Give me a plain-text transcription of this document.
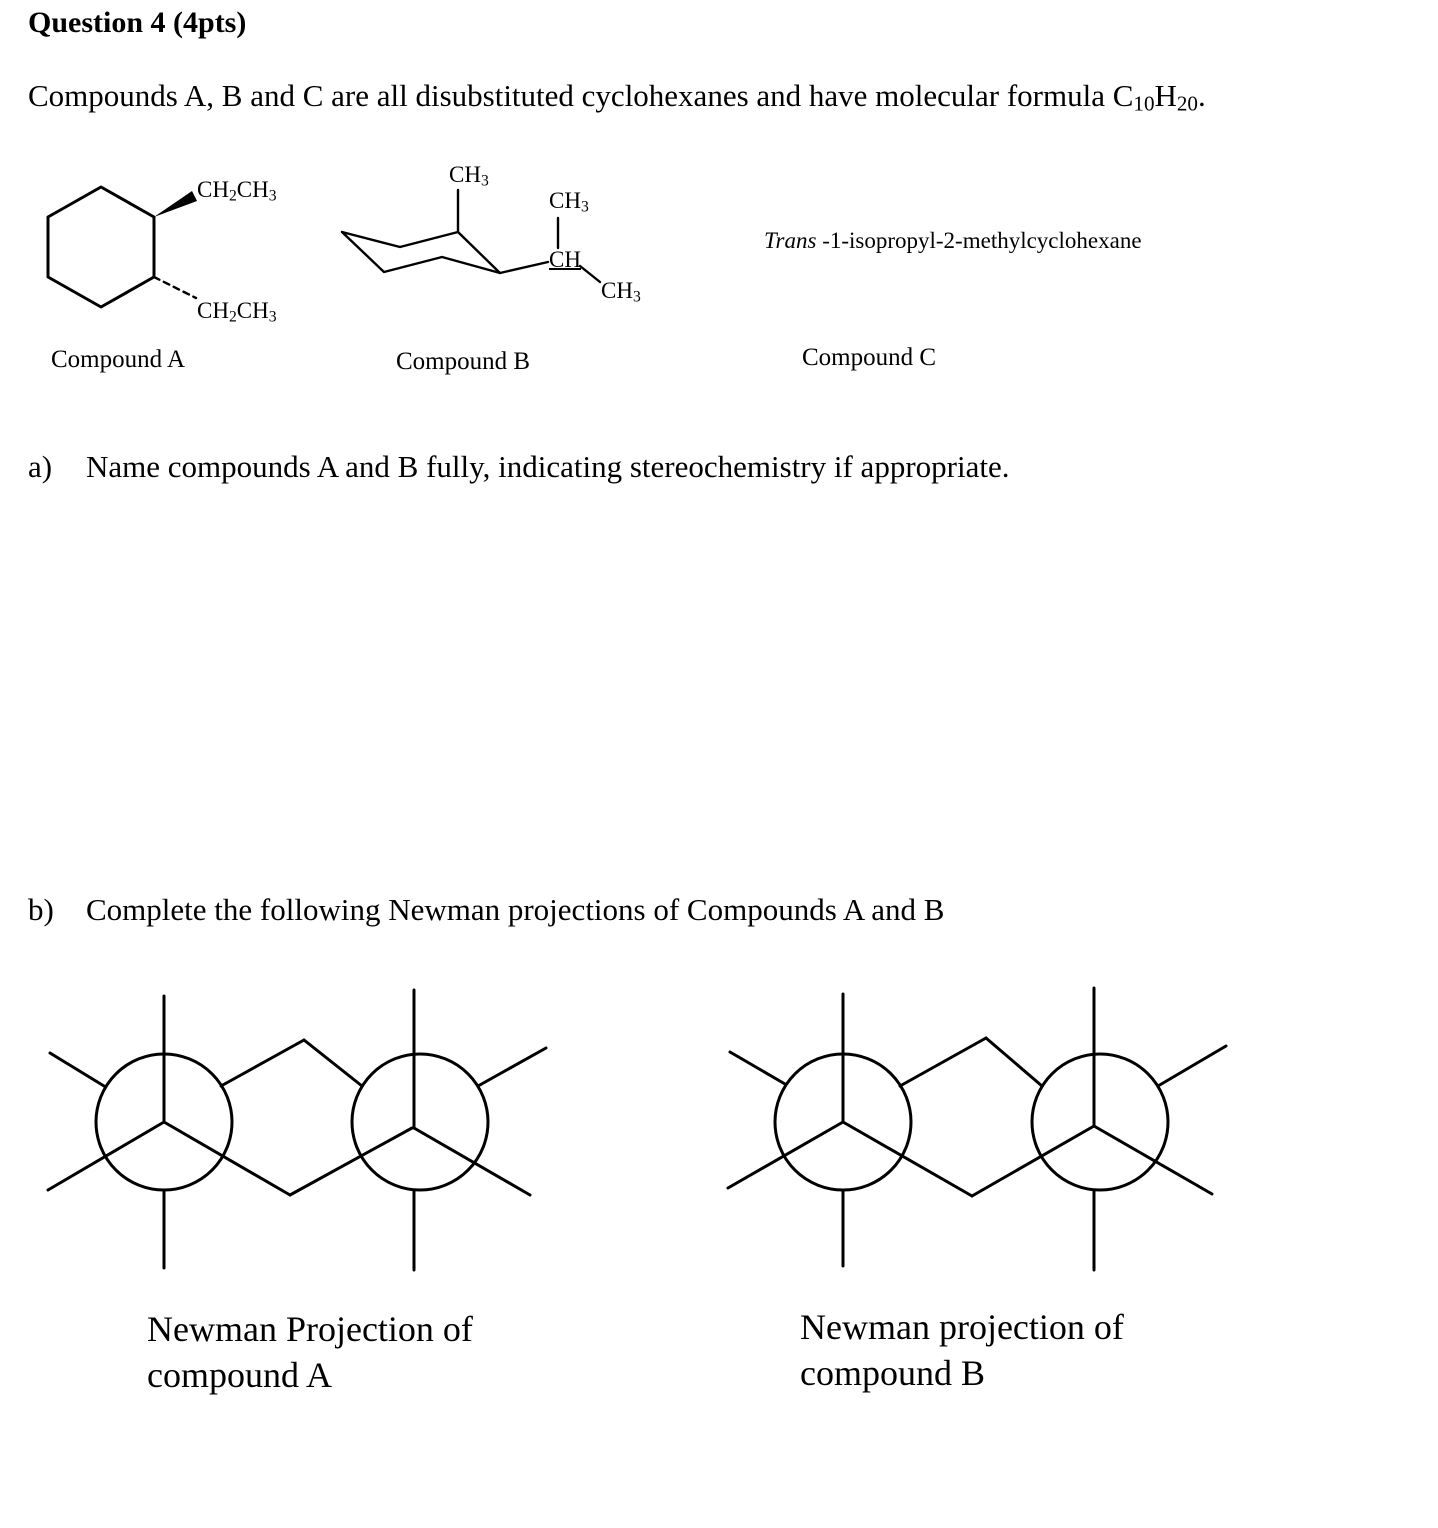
Question 4 (4pts)
Compounds A, B and C are all disubstituted cyclohexanes and have molecular formula $C_{10}H_{20}$.
$CH_2CH_3$
$CH_2CH_3$
$CH_3$
$CH_3$
CH
$CH_3$
Trans -1-isopropyl-2-methylcyclohexane
Compound A	Compound B	Compound C
a) Name compounds A and B fully, indicating stereochemistry if appropriate.
b) Complete the following Newman projections of Compounds A and B
Newman Projection of
compound A
Newman projection of
compound B
